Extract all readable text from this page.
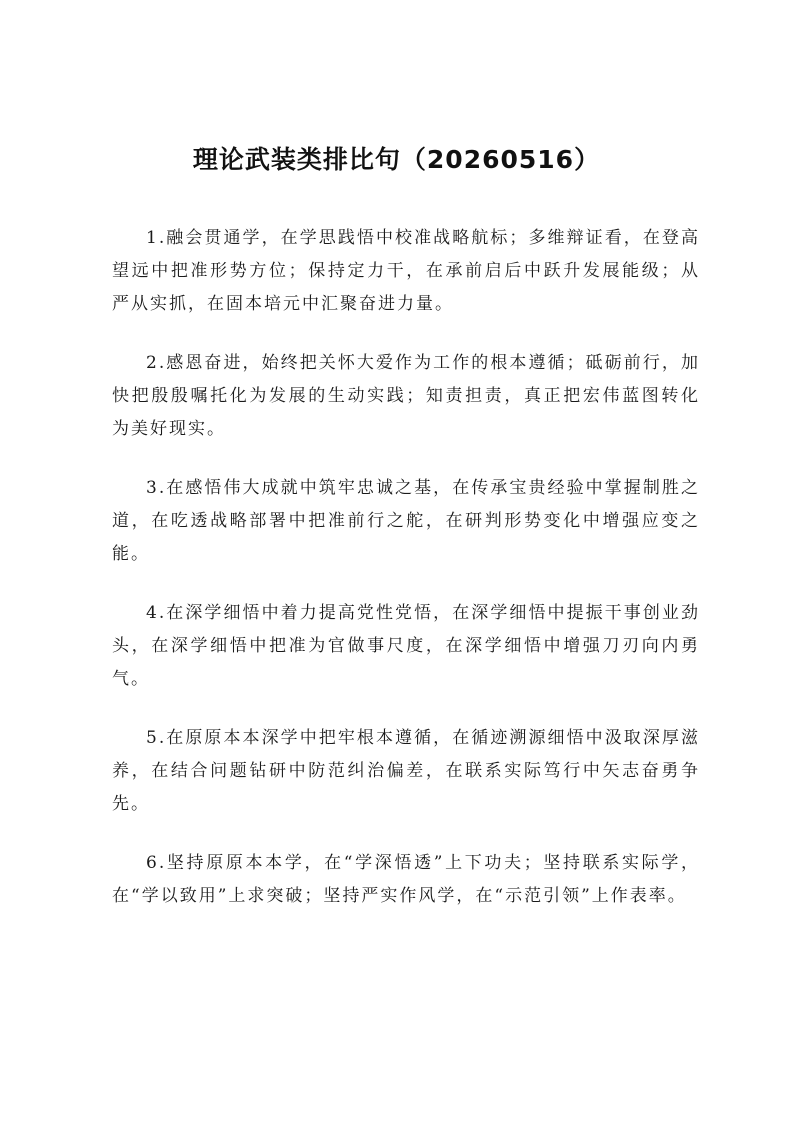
理论武装类排比句（20260516）

1.融会贯通学，在学思践悟中校准战略航标；多维辩证看，在登高望远中把准形势方位；保持定力干，在承前启后中跃升发展能级；从严从实抓，在固本培元中汇聚奋进力量。

2.感恩奋进，始终把关怀大爱作为工作的根本遵循；砥砺前行，加快把殷殷嘱托化为发展的生动实践；知责担责，真正把宏伟蓝图转化为美好现实。

3.在感悟伟大成就中筑牢忠诚之基，在传承宝贵经验中掌握制胜之道，在吃透战略部署中把准前行之舵，在研判形势变化中增强应变之能。

4.在深学细悟中着力提高党性党悟，在深学细悟中提振干事创业劲头，在深学细悟中把准为官做事尺度，在深学细悟中增强刀刃向内勇气。

5.在原原本本深学中把牢根本遵循，在循迹溯源细悟中汲取深厚滋养，在结合问题钻研中防范纠治偏差，在联系实际笃行中矢志奋勇争先。

6.坚持原原本本学，在“学深悟透”上下功夫；坚持联系实际学，在“学以致用”上求突破；坚持严实作风学，在“示范引领”上作表率。
